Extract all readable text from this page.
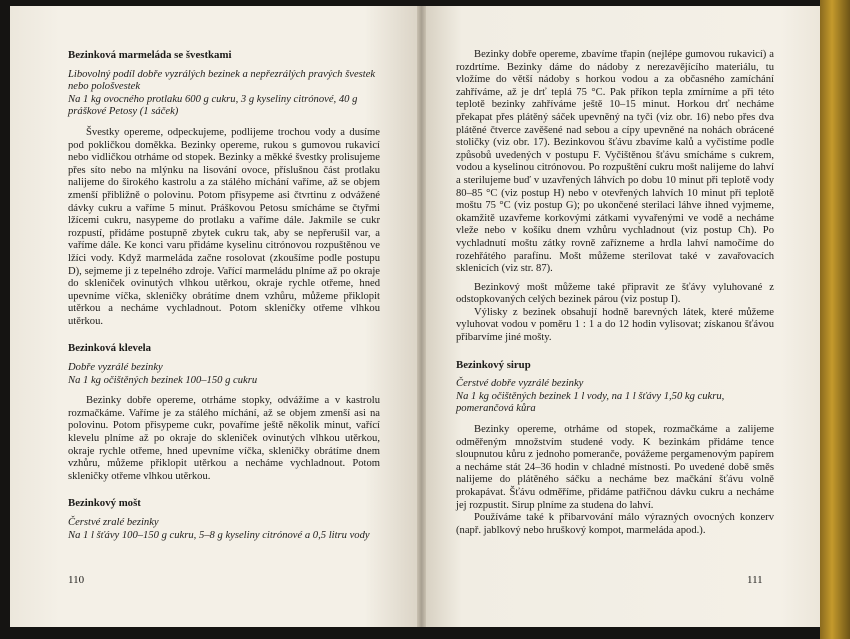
Bezinková marmeláda se švestkami

Libovolný podíl dobře vyzrálých bezinek a nepřezrálých pravých švestek nebo pološvestek

Na 1 kg ovocného protlaku 600 g cukru, 3 g kyseliny citrónové, 40 g práškové Petosy (1 sáček)

Švestky opereme, odpeckujeme, podlijeme trochou vody a dusíme pod pokličkou doměkka. Bezinky opereme, rukou s gumovou rukavicí nebo vidličkou otrháme od stopek. Bezinky a měkké švestky prolisujeme přes síto nebo na mlýnku na lisování ovoce, příslušnou část protlaku nalijeme do širokého kastrolu a za stálého míchání vaříme, až se objem zmenší přibližně o polovinu. Potom přisypeme asi čtvrtinu z odvážené dávky cukru a vaříme 5 minut. Práškovou Petosu smícháme se čtyřmi lžícemi cukru, nasypeme do protlaku a vaříme dále. Jakmile se cukr rozpustí, přidáme postupně zbytek cukru tak, aby se nepřerušil var, a vaříme dále. Ke konci varu přidáme kyselinu citrónovou rozpuštěnou ve lžíci vody. Když marmeláda začne rosolovat (zkoušíme podle postupu D), sejmeme ji z tepelného zdroje. Vařící marmeládu plníme až po okraje do skleniček ovinutých vlhkou utěrkou, okraje rychle otřeme, hned upevníme víčka, skleničky obrátíme dnem vzhůru, můžeme přiklopit utěrkou a necháme vychladnout. Potom skleničky otřeme vlhkou utěrkou.

Bezinková klevela

Dobře vyzrálé bezinky

Na 1 kg očištěných bezinek 100–150 g cukru

Bezinky dobře opereme, otrháme stopky, odvážíme a v kastrolu rozmačkáme. Vaříme je za stálého míchání, až se objem zmenší asi na polovinu. Potom přisypeme cukr, povaříme ještě několik minut, vařící klevelu plníme až po okraje do skleniček ovinutých vlhkou utěrkou, okraje rychle otřeme, hned upevníme víčka, skleničky obrátíme dnem vzhůru, můžeme přiklopit utěrkou a necháme vychladnout. Potom skleničky otřeme vlhkou utěrkou.

Bezinkový mošt

Čerstvé zralé bezinky

Na 1 l šťávy 100–150 g cukru, 5–8 g kyseliny citrónové a 0,5 litru vody

110

Bezinky dobře opereme, zbavíme třapin (nejlépe gumovou rukavicí) a rozdrtíme. Bezinky dáme do nádoby z nerezavějícího materiálu, tu vložíme do větší nádoby s horkou vodou a za občasného zamíchání zahříváme, až je drť teplá 75 °C. Pak příkon tepla zmírníme a při této teplotě bezinky zahříváme ještě 10–15 minut. Horkou drť necháme překapat přes plátěný sáček upevněný na tyči (viz obr. 16) nebo přes dva plátěné čtverce zavěšené nad sebou a cípy upevněné na nohách obrácené stoličky (viz obr. 17). Bezinkovou šťávu zbavíme kalů a vyčistíme podle způsobů uvedených v postupu F. Vyčištěnou šťávu smícháme s cukrem, vodou a kyselinou citrónovou. Po rozpuštění cukru mošt nalijeme do lahví a sterilujeme buď v uzavřených láhvích po dobu 10 minut při teplotě vody 80–85 °C (viz postup H) nebo v otevřených lahvích 10 minut při teplotě moštu 75 °C (viz postup G); po ukončené sterilaci láhve ihned vyjmeme, okamžitě uzavřeme korkovými zátkami vyvařenými ve vodě a necháme vleže nebo v košíku dnem vzhůru vychladnout (viz postup Ch). Po vychladnutí moštu zátky rovně zařízneme a hrdla lahví namočíme do rozehřátého parafínu. Mošt můžeme sterilovat také v zavařovacích sklenicích (viz str. 87).

Bezinkový mošt můžeme také připravit ze šťávy vyluhované z odstopkovaných celých bezinek párou (viz postup I).

Výlisky z bezinek obsahují hodně barevných látek, které můžeme vyluhovat vodou v poměru 1 : 1 a do 12 hodin vylisovat; získanou šťávou přibarvíme jiné mošty.

Bezinkový sirup

Čerstvé dobře vyzrálé bezinky

Na 1 kg očištěných bezinek 1 l vody, na 1 l šťávy 1,50 kg cukru, pomerančová kůra

Bezinky opereme, otrháme od stopek, rozmačkáme a zalijeme odměřeným množstvím studené vody. K bezinkám přidáme tence sloupnutou kůru z jednoho pomeranče, povážeme pergamenovým papírem a necháme stát 24–36 hodin v chladné místnosti. Po uvedené době směs nalijeme do plátěného sáčku a necháme bez mačkání šťávu volně prokapávat. Šťávu odměříme, přidáme patřičnou dávku cukru a necháme jej rozpustit. Sirup plníme za studena do lahví.

Používáme také k přibarvování málo výrazných ovocných konzerv (např. jablkový nebo hruškový kompot, marmeláda apod.).

111
